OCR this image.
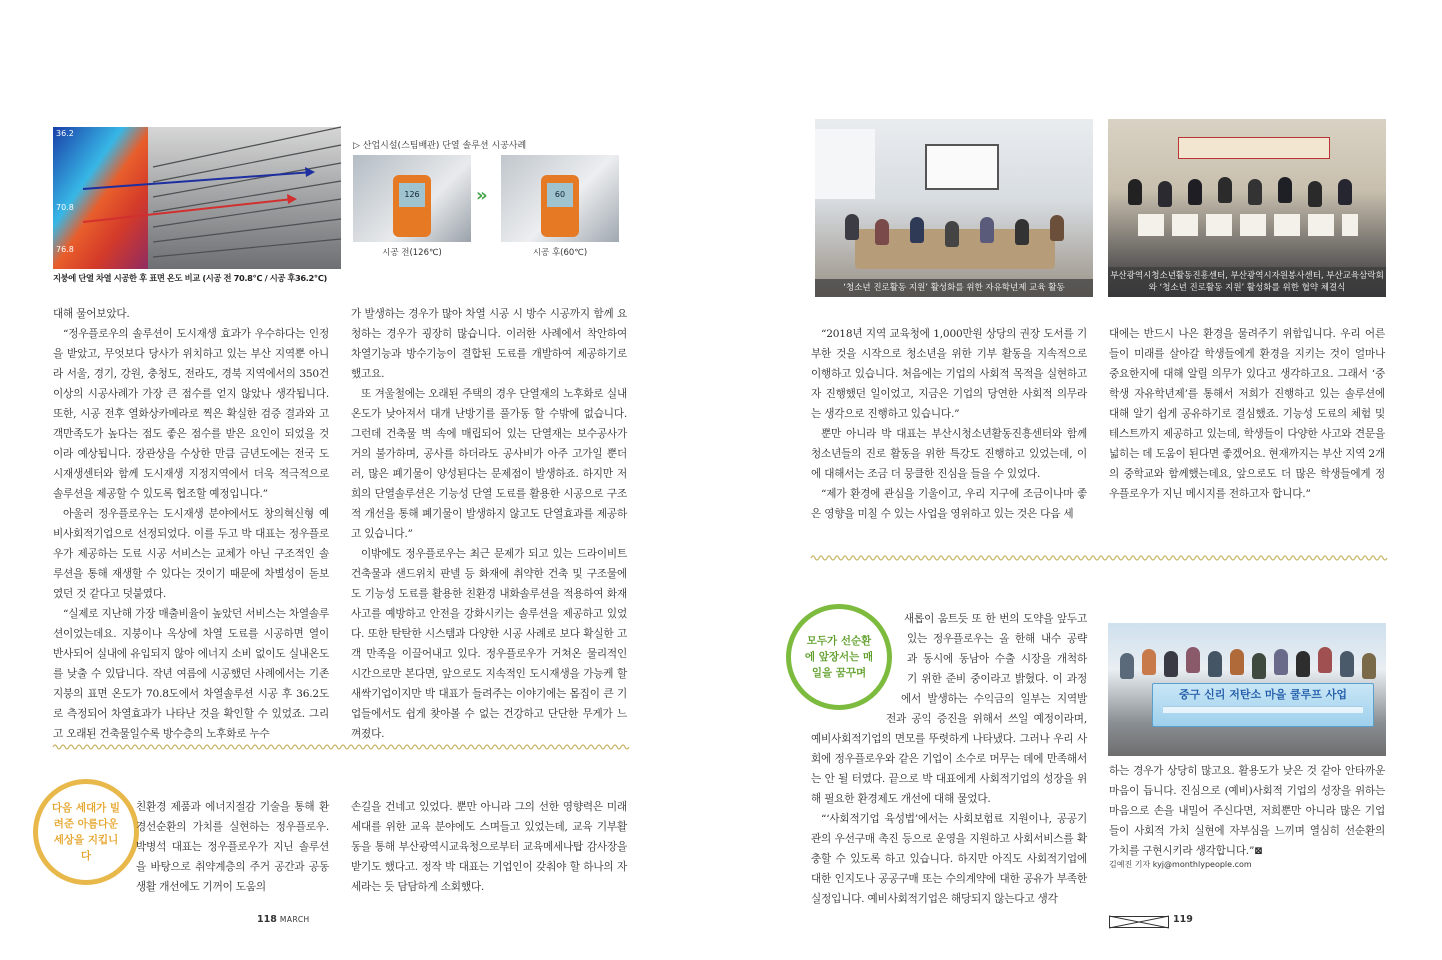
36.2
70.8
76.8
지붕에 단열 차열 시공한 후 표면 온도 비교 (시공 전 70.8℃ / 시공 후36.2℃)
▷ 산업시설(스팀배관) 단열 솔루션 시공사례
126
시공 전(126℃)
»	60
시공 후(60℃)

대해 물어보았다.

“정우플로우의 솔루션이 도시재생 효과가 우수하다는 인정을 받았고, 무엇보다 당사가 위치하고 있는 부산 지역뿐 아니라 서울, 경기, 강원, 충청도, 전라도, 경북 지역에서의 350건 이상의 시공사례가 가장 큰 점수를 얻지 않았나 생각됩니다. 또한, 시공 전후 열화상카메라로 찍은 확실한 검증 결과와 고객만족도가 높다는 점도 좋은 점수를 받은 요인이 되었을 것이라 예상됩니다. 장관상을 수상한 만큼 금년도에는 전국 도시재생센터와 함께 도시재생 지정지역에서 더욱 적극적으로 솔루션을 제공할 수 있도록 협조할 예정입니다.”

아울러 정우플로우는 도시재생 분야에서도 창의혁신형 예비사회적기업으로 선정되었다. 이를 두고 박 대표는 정우플로우가 제공하는 도료 시공 서비스는 교체가 아닌 구조적인 솔루션을 통해 재생할 수 있다는 것이기 때문에 차별성이 돋보였던 것 같다고 덧붙였다.

“실제로 지난해 가장 매출비율이 높았던 서비스는 차열솔루션이었는데요. 지붕이나 옥상에 차열 도료를 시공하면 열이 반사되어 실내에 유입되지 않아 에너지 소비 없이도 실내온도를 낮출 수 있답니다. 작년 여름에 시공했던 사례에서는 기존 지붕의 표면 온도가 70.8도에서 차열솔루션 시공 후 36.2도로 측정되어 차열효과가 나타난 것을 확인할 수 있었죠. 그리고 오래된 건축물일수록 방수층의 노후화로 누수

가 발생하는 경우가 많아 차열 시공 시 방수 시공까지 함께 요청하는 경우가 굉장히 많습니다. 이러한 사례에서 착안하여 차열기능과 방수기능이 결합된 도료를 개발하여 제공하기로 했고요.

또 겨울철에는 오래된 주택의 경우 단열재의 노후화로 실내온도가 낮아져서 대개 난방기를 풀가동 할 수밖에 없습니다. 그런데 건축물 벽 속에 매립되어 있는 단열재는 보수공사가 거의 불가하며, 공사를 하더라도 공사비가 아주 고가일 뿐더러, 많은 폐기물이 양성된다는 문제점이 발생하죠. 하지만 저희의 단열솔루션은 기능성 단열 도료를 활용한 시공으로 구조적 개선을 통해 폐기물이 발생하지 않고도 단열효과를 제공하고 있습니다.”

이밖에도 정우플로우는 최근 문제가 되고 있는 드라이비트 건축물과 샌드위치 판넬 등 화재에 취약한 건축 및 구조물에도 기능성 도료를 활용한 친환경 내화솔루션을 적용하여 화재사고를 예방하고 안전을 강화시키는 솔루션을 제공하고 있었다. 또한 탄탄한 시스템과 다양한 시공 사례로 보다 확실한 고객 만족을 이끌어내고 있다. 정우플로우가 거쳐온 물리적인 시간으로만 본다면, 앞으로도 지속적인 도시재생을 가능케 할 새싹기업이지만 박 대표가 들려주는 이야기에는 몸집이 큰 기업들에서도 쉽게 찾아볼 수 없는 건강하고 단단한 무게가 느껴졌다.

다음 세대가 빌려준 아름다운 세상을 지킵니다

친환경 제품과 에너지절감 기술을 통해 환경선순환의 가치를 실현하는 정우플로우. 박병석 대표는 정우플로우가 지닌 솔루션을 바탕으로 취약계층의 주거 공간과 공동생활 개선에도 기꺼이 도움의

손길을 건네고 있었다. 뿐만 아니라 그의 선한 영향력은 미래세대를 위한 교육 분야에도 스며들고 있었는데, 교육 기부활동을 통해 부산광역시교육청으로부터 교육메세나탑 감사장을 받기도 했다고. 정작 박 대표는 기업인이 갖춰야 할 하나의 자세라는 듯 담담하게 소회했다.

118 MARCH
‘청소년 진로활동 지원’ 활성화를 위한 자유학년제 교육 활동
부산광역시청소년활동진흥센터, 부산광역시자원봉사센터, 부산교육삼락회와 ‘청소년 진로활동 지원’ 활성화를 위한 협약 체결식

“2018년 지역 교육청에 1,000만원 상당의 권장 도서를 기부한 것을 시작으로 청소년을 위한 기부 활동을 지속적으로 이행하고 있습니다. 처음에는 기업의 사회적 목적을 실현하고자 진행했던 일이었고, 지금은 기업의 당연한 사회적 의무라는 생각으로 진행하고 있습니다.”

뿐만 아니라 박 대표는 부산시청소년활동진흥센터와 함께 청소년들의 진로 활동을 위한 특강도 진행하고 있었는데, 이에 대해서는 조금 더 뭉클한 진심을 들을 수 있었다.

“제가 환경에 관심을 기울이고, 우리 지구에 조금이나마 좋은 영향을 미칠 수 있는 사업을 영위하고 있는 것은 다음 세

대에는 반드시 나은 환경을 물려주기 위함입니다. 우리 어른들이 미래를 살아갈 학생들에게 환경을 지키는 것이 얼마나 중요한지에 대해 알릴 의무가 있다고 생각하고요. 그래서 ‘중학생 자유학년제’를 통해서 저희가 진행하고 있는 솔루션에 대해 알기 쉽게 공유하기로 결심했죠. 기능성 도료의 체험 및 테스트까지 제공하고 있는데, 학생들이 다양한 사고와 견문을 넓히는 데 도움이 된다면 좋겠어요. 현재까지는 부산 지역 2개의 중학교와 함께했는데요, 앞으로도 더 많은 학생들에게 정우플로우가 지닌 메시지를 전하고자 합니다.”

모두가 선순환에 앞장서는 매일을 꿈꾸며
새롭이 움트듯 또 한 번의 도약을 앞두고
있는 정우플로우는 올 한해 내수 공략
과 동시에 동남아 수출 시장을 개척하
기 위한 준비 중이라고 밝혔다. 이 과정
에서 발생하는 수익금의 일부는 지역발
전과 공익 증진을 위해서 쓰일 예정이라며,

예비사회적기업의 면모를 뚜렷하게 나타냈다. 그러나 우리 사회에 정우플로우와 같은 기업이 소수로 머무는 데에 만족해서는 안 될 터였다. 끝으로 박 대표에게 사회적기업의 성장을 위해 필요한 환경제도 개선에 대해 물었다.

“‘사회적기업 육성법’에서는 사회보험료 지원이나, 공공기관의 우선구매 촉진 등으로 운영을 지원하고 사회서비스를 확충할 수 있도록 하고 있습니다. 하지만 아직도 사회적기업에 대한 인지도나 공공구매 또는 수의계약에 대한 공유가 부족한 실정입니다. 예비사회적기업은 해당되지 않는다고 생각

중구 신리 저탄소 마을 쿨루프 사업

하는 경우가 상당히 많고요. 활용도가 낮은 것 같아 안타까운 마음이 듭니다. 진심으로 (예비)사회적 기업의 성장을 위하는 마음으로 손을 내밀어 주신다면, 저희뿐만 아니라 많은 기업들이 사회적 가치 실현에 자부심을 느끼며 열심히 선순환의 가치를 구현시키라 생각합니다.”⊠

김예진 기자 kyj@monthlypeople.com
119
